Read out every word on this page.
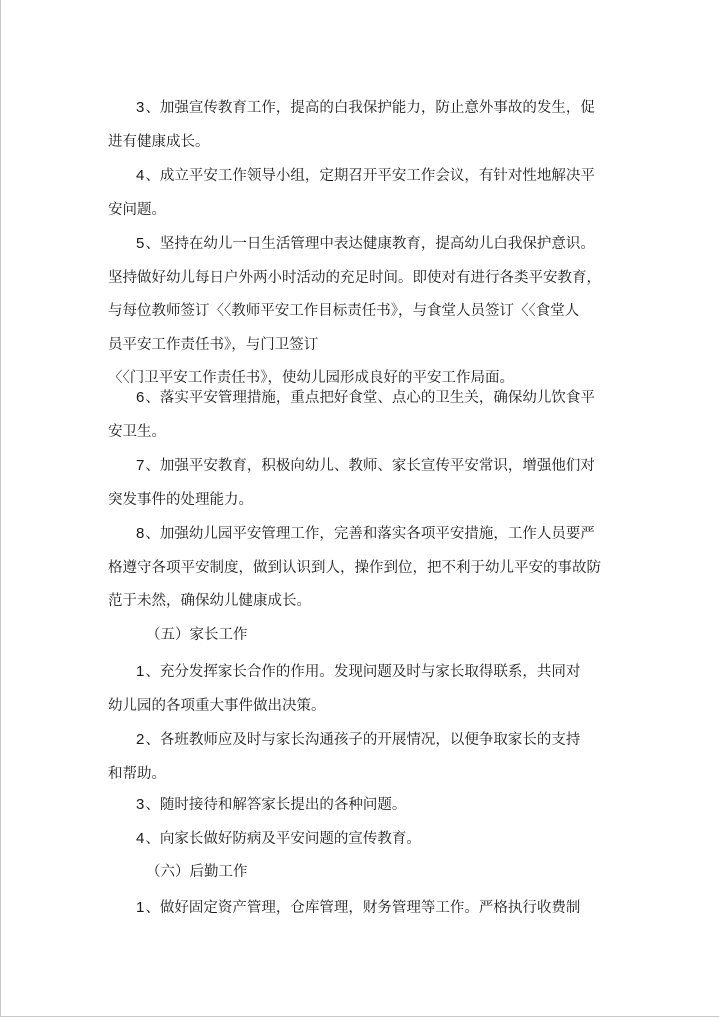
3、加强宣传教育工作，提高的白我保护能力，防止意外事故的发生，促
进有健康成长。

4、成立平安工作领导小组，定期召开平安工作会议，有针对性地解决平
安问题。

5、坚持在幼儿一日生活管理中表达健康教育，提高幼儿白我保护意识。
坚持做好幼儿每日户外两小时活动的充足时间。即使对有进行各类平安教育，
与每位教师签订〈〈教师平安工作目标责任书》，与食堂人员签订〈〈食堂人
员平安工作责任书》，与门卫签订
〈〈门卫平安工作责任书》，使幼儿园形成良好的平安工作局面。

6、落实平安管理措施，重点把好食堂、点心的卫生关，确保幼儿饮食平
安卫生。

7、加强平安教育，积极向幼儿、教师、家长宣传平安常识，增强他们对
突发事件的处理能力。

8、加强幼儿园平安管理工作，完善和落实各项平安措施，工作人员要严
格遵守各项平安制度，做到认识到人，操作到位，把不利于幼儿平安的事故防
范于未然，确保幼儿健康成长。

（五）家长工作

1、充分发挥家长合作的作用。发现问题及时与家长取得联系，共同对
幼儿园的各项重大事件做出决策。

2、各班教师应及时与家长沟通孩子的开展情况，以便争取家长的支持
和帮助。

3、随时接待和解答家长提出的各种问题。

4、向家长做好防病及平安问题的宣传教育。

（六）后勤工作

1、做好固定资产管理，仓库管理，财务管理等工作。严格执行收费制
